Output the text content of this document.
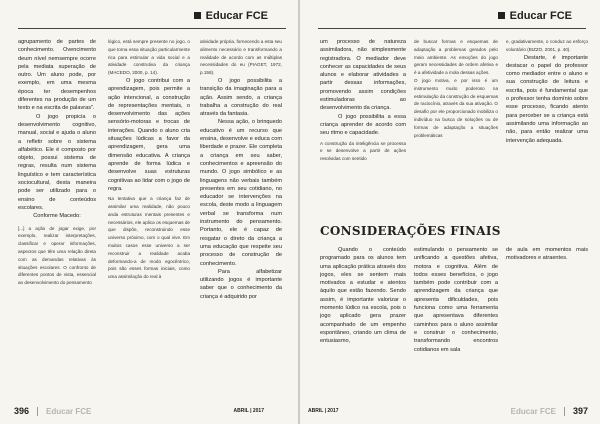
Educar FCE

agrupamento de partes de conhecimento. Ovencimento deum nível nemsempre ocorre pela mediata superação de outro. Um aluno pode, por exemplo, em uma mesma época ter desempenhos diferentes na produção de um texto e na escrita de palavras".

O jogo propicia o desenvolvimento cognitivo, manual, social e ajuda o aluno a refletir sobre o sistema alfabético. Ele é composto por objeto, possui sistema de regras, resulta num sistema linguístico e tem característica sociocultural, desta maneira pode ser utilizado para o ensino de conteúdos escolares.

Conforme Macedo:

[...] a ação de jogar exige, por exemplo, realizar interpretações, classificar e operar informações, aspectos que têm uma relação direta com as demandas relativas às situações escolares. O confronto de diferentes pontos de vista, essencial ao desenvolvimento do pensamento

lógico, está sempre presente no jogo, o que torna essa situação particularmente rica para estimular a vida social e a atividade construtiva da criança (MACEDO, 2000, p. 14).

O jogo contribui com a aprendizagem, pois permite a ação intencional, a construção de representações mentais, o desenvolvimento das ações sensório-motoras e trocas de interações. Quando o aluno cria situações lúdicas a favor da aprendizagem, gera uma dimensão educativa. A criança aprende de forma lúdica e desenvolve suas estruturas cognitivas ao lidar com o jogo de regra.

Na tentativa que a criança faz de assimilar uma realidade, não pouco anda estruturas mentais presentes e necessários, ele aplica os esquemas de que dispõe, reconstruindo esse universo próximo, com o qual vive. Em muitos casos esse universo a ser reconstruir a realidade acaba deformando-a de modo egocêntrico, pois são esses formas iniciais, como uma assimilação do real à

atividade própria, fornecendo a esta seu alimento necessário e transformando a realidade de acordo com as múltiplas necessidades do eu (PIAGET, 1972, p.158).

O jogo possibilita a transição da imaginação para a ação. Assim sendo, a criança trabalha a construção do real através da fantasia.

Nessa ação, o brinquedo educativo é um recurso que ensina, desenvolve e educa com liberdade e prazer. Ele completa a criança em seu saber, conhecimentos e apreensão do mundo. O jogo simbólico e as linguagens não verbais também presentes em seu cotidiano, no educador se intervenções na escola, deste modo a linguagem verbal se transforma num instrumento do pensamento. Portanto, ele é capaz de resgatar o direto da criança a uma educação que respeite seu processo de construção de conhecimento.

Para alfabetizar utilizando jogos é importante saber que o conhecimento da criança é adquirido por

396 Educar FCE	ABRIL | 2017
Educar FCE

um processo de natureza assimiladora, não simplesmente registradora. O mediador deve conhecer as capacidades de seus alunos e elaborar atividades a partir dessas informações, promovendo assim condições estimuladoras ao desenvolvimento da criança.

O jogo possibilita a essa criança aprender de acordo com seu ritmo e capacidade.

A construção da inteligência se processa e se desenvolve a partir de ações resolvidas com sentido

de buscar formas e esquemas de adaptação a problemas gerados pelo meio ambiente. As emoções do jogo geram necessidades de ordem afetiva e é a afetividade a mola dessas ações.

O jogo motiva, e por isso é um instrumento muito poderoso na estimulação da construção de esquemas de raciocínio, através da sua ativação. O desafio por ele proporcionado mobiliza o indivíduo na busca de soluções ou de formas de adaptação a situações problemáticas

e, gradativamente, o conduz ao esforço voluntário (BIZZO, 2001, p. 40).

Destarte, é importante destacar o papel do professor como mediador entre o aluno e sua construção de leitura e escrita, pois é fundamental que o professor tenha domínio sobre esse processo, ficando atento para perceber se a criança está assimilando uma informação ao não, para então realizar uma intervenção adequada.

CONSIDERAÇÕES FINAIS

Quando o conteúdo programado para os alunos tem uma aplicação prática através dos jogos, eles se sentem mais motivados a estudar e atentos àquilo que estão fazendo. Sendo assim, é importante valorizar o momento lúdico na escola, pois o jogo aplicado gera prazer acompanhado de um empenho espontâneo, criando um clima de entusiasmo,

estimulando o pensamento se unificando a questões afetiva, motora e cognitiva. Além de todos esses benefícios, o jogo também pode contribuir com a aprendizagem da criança que apresenta dificuldades, pois funciona como uma ferramenta que apresentava diferentes caminhos para o aluno assimilar e construir o conhecimento, transformando encontros cotidianos em sala

de aula em momentos mais motivadores e atraentes.

ABRIL | 2017	Educar FCE 397
